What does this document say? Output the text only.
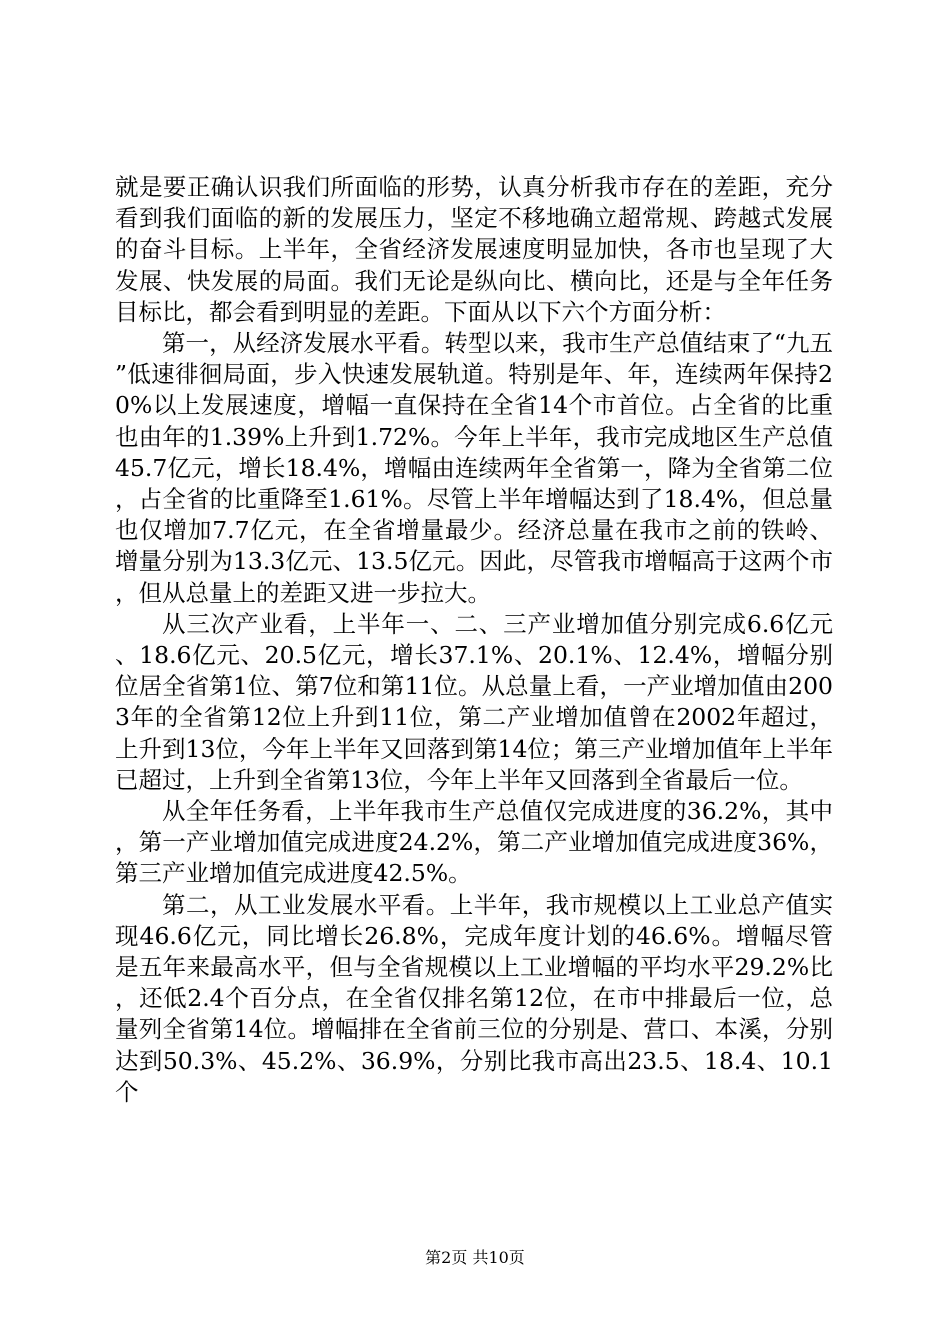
就是要正确认识我们所面临的形势，认真分析我市存在的差距，充分看到我们面临的新的发展压力，坚定不移地确立超常规、跨越式发展的奋斗目标。上半年，全省经济发展速度明显加快，各市也呈现了大发展、快发展的局面。我们无论是纵向比、横向比，还是与全年任务目标比，都会看到明显的差距。下面从以下六个方面分析：

第一，从经济发展水平看。转型以来，我市生产总值结束了“九五”低速徘徊局面，步入快速发展轨道。特别是年、年，连续两年保持20%以上发展速度，增幅一直保持在全省14个市首位。占全省的比重也由年的1.39%上升到1.72%。今年上半年，我市完成地区生产总值45.7亿元，增长18.4%，增幅由连续两年全省第一，降为全省第二位，占全省的比重降至1.61%。尽管上半年增幅达到了18.4%，但总量也仅增加7.7亿元，在全省增量最少。经济总量在我市之前的铁岭、增量分别为13.3亿元、13.5亿元。因此，尽管我市增幅高于这两个市，但从总量上的差距又进一步拉大。

从三次产业看，上半年一、二、三产业增加值分别完成6.6亿元、18.6亿元、20.5亿元，增长37.1%、20.1%、12.4%，增幅分别位居全省第1位、第7位和第11位。从总量上看，一产业增加值由2003年的全省第12位上升到11位，第二产业增加值曾在2002年超过，上升到13位，今年上半年又回落到第14位；第三产业增加值年上半年已超过，上升到全省第13位，今年上半年又回落到全省最后一位。

从全年任务看，上半年我市生产总值仅完成进度的36.2%，其中，第一产业增加值完成进度24.2%，第二产业增加值完成进度36%，第三产业增加值完成进度42.5%。

第二，从工业发展水平看。上半年，我市规模以上工业总产值实现46.6亿元，同比增长26.8%，完成年度计划的46.6%。增幅尽管是五年来最高水平，但与全省规模以上工业增幅的平均水平29.2%比，还低2.4个百分点，在全省仅排名第12位，在市中排最后一位，总量列全省第14位。增幅排在全省前三位的分别是、营口、本溪，分别达到50.3%、45.2%、36.9%，分别比我市高出23.5、18.4、10.1个

第2页 共10页
